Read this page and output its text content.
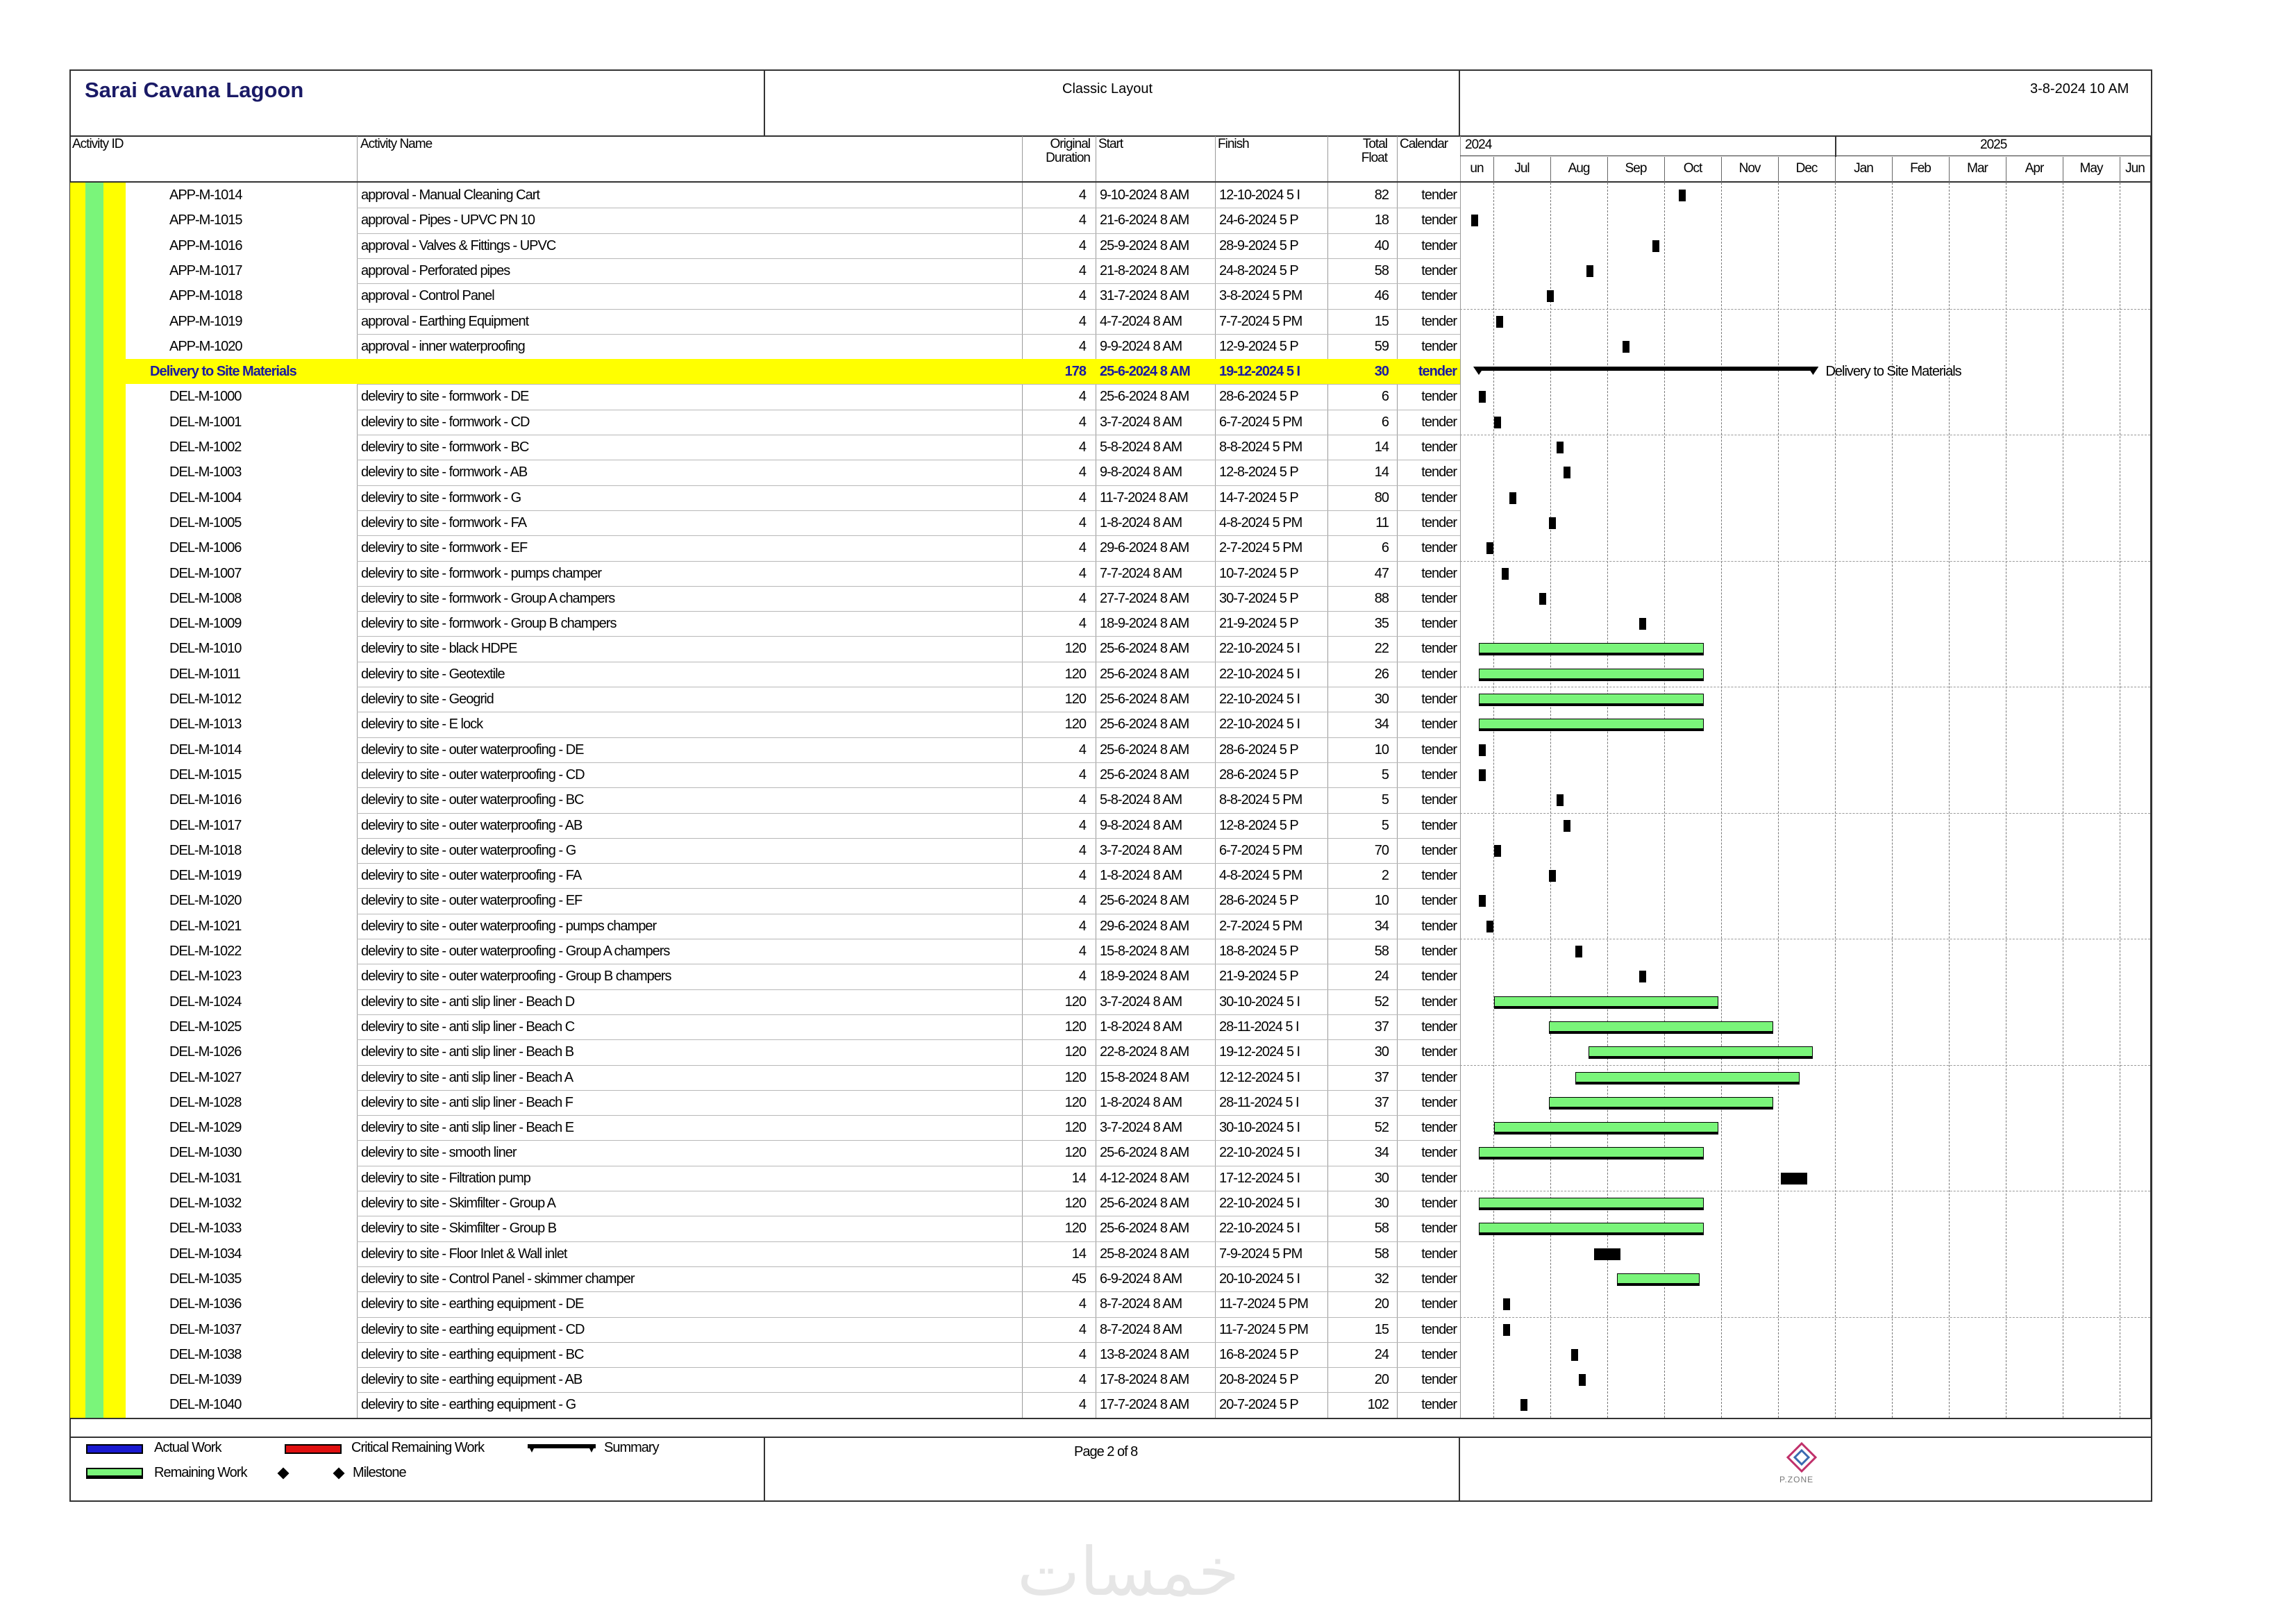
Sarai Cavana Lagoon	Classic Layout	3-8-2024 10 AM
Activity ID	Activity Name	Original
Duration
Start	Finish	Total
Float
Calendar 2024	2025
APP-M-1014	approval - Manual Cleaning Cart	4 9-10-2024 8 AM	12-10-2024 5 I	82	tender
APP-M-1015	approval - Pipes - UPVC PN 10	4 21-6-2024 8 AM	24-6-2024 5 P	18	tender
APP-M-1016	approval - Valves & Fittings - UPVC	4 25-9-2024 8 AM	28-9-2024 5 P	40	tender
APP-M-1017	approval - Perforated pipes	4 21-8-2024 8 AM	24-8-2024 5 P	58	tender
APP-M-1018	approval - Control Panel	4 31-7-2024 8 AM	3-8-2024 5 PM	46	tender
APP-M-1019	approval - Earthing Equipment	4 4-7-2024 8 AM	7-7-2024 5 PM	15	tender
APP-M-1020	approval - inner waterproofing	4 9-9-2024 8 AM	12-9-2024 5 P	59	tender
Delivery to Site Materials	178 25-6-2024 8 AM	19-12-2024 5 I	30	tender
DEL-M-1000	deleviry to site - formwork - DE	4 25-6-2024 8 AM	28-6-2024 5 P	6	tender
DEL-M-1001	deleviry to site - formwork - CD	4 3-7-2024 8 AM	6-7-2024 5 PM	6	tender
DEL-M-1002	deleviry to site - formwork - BC	4 5-8-2024 8 AM	8-8-2024 5 PM	14	tender
DEL-M-1003	deleviry to site - formwork - AB	4 9-8-2024 8 AM	12-8-2024 5 P	14	tender
DEL-M-1004	deleviry to site - formwork - G	4 11-7-2024 8 AM	14-7-2024 5 P	80	tender
DEL-M-1005	deleviry to site - formwork - FA	4 1-8-2024 8 AM	4-8-2024 5 PM	11	tender
DEL-M-1006	deleviry to site - formwork - EF	4 29-6-2024 8 AM	2-7-2024 5 PM	6	tender
DEL-M-1007	deleviry to site - formwork - pumps champer	4 7-7-2024 8 AM	10-7-2024 5 P	47	tender
DEL-M-1008	deleviry to site - formwork - Group A champers	4 27-7-2024 8 AM	30-7-2024 5 P	88	tender
DEL-M-1009	deleviry to site - formwork - Group B champers	4 18-9-2024 8 AM	21-9-2024 5 P	35	tender
DEL-M-1010	deleviry to site - black HDPE	120 25-6-2024 8 AM	22-10-2024 5 I	22	tender
DEL-M-1011	deleviry to site - Geotextile	120 25-6-2024 8 AM	22-10-2024 5 I	26	tender
DEL-M-1012	deleviry to site - Geogrid	120 25-6-2024 8 AM	22-10-2024 5 I	30	tender
DEL-M-1013	deleviry to site - E lock	120 25-6-2024 8 AM	22-10-2024 5 I	34	tender
DEL-M-1014	deleviry to site - outer waterproofing - DE	4 25-6-2024 8 AM	28-6-2024 5 P	10	tender
DEL-M-1015	deleviry to site - outer waterproofing - CD	4 25-6-2024 8 AM	28-6-2024 5 P	5	tender
DEL-M-1016	deleviry to site - outer waterproofing - BC	4 5-8-2024 8 AM	8-8-2024 5 PM	5	tender
DEL-M-1017	deleviry to site - outer waterproofing - AB	4 9-8-2024 8 AM	12-8-2024 5 P	5	tender
DEL-M-1018	deleviry to site - outer waterproofing - G	4 3-7-2024 8 AM	6-7-2024 5 PM	70	tender
DEL-M-1019	deleviry to site - outer waterproofing - FA	4 1-8-2024 8 AM	4-8-2024 5 PM	2	tender
DEL-M-1020	deleviry to site - outer waterproofing - EF	4 25-6-2024 8 AM	28-6-2024 5 P	10	tender
DEL-M-1021	deleviry to site - outer waterproofing - pumps champer	4 29-6-2024 8 AM	2-7-2024 5 PM	34	tender
DEL-M-1022	deleviry to site - outer waterproofing - Group A champers	4 15-8-2024 8 AM	18-8-2024 5 P	58	tender
DEL-M-1023	deleviry to site - outer waterproofing - Group B champers	4 18-9-2024 8 AM	21-9-2024 5 P	24	tender
DEL-M-1024	deleviry to site - anti slip liner - Beach D	120 3-7-2024 8 AM	30-10-2024 5 I	52	tender
DEL-M-1025	deleviry to site - anti slip liner - Beach C	120 1-8-2024 8 AM	28-11-2024 5 I	37	tender
DEL-M-1026	deleviry to site - anti slip liner - Beach B	120 22-8-2024 8 AM	19-12-2024 5 I	30	tender
DEL-M-1027	deleviry to site - anti slip liner - Beach A	120 15-8-2024 8 AM	12-12-2024 5 I	37	tender
DEL-M-1028	deleviry to site - anti slip liner - Beach F	120 1-8-2024 8 AM	28-11-2024 5 I	37	tender
DEL-M-1029	deleviry to site - anti slip liner - Beach E	120 3-7-2024 8 AM	30-10-2024 5 I	52	tender
DEL-M-1030	deleviry to site - smooth liner	120 25-6-2024 8 AM	22-10-2024 5 I	34	tender
DEL-M-1031	deleviry to site - Filtration pump	14 4-12-2024 8 AM	17-12-2024 5 I	30	tender
DEL-M-1032	deleviry to site - Skimfilter - Group A	120 25-6-2024 8 AM	22-10-2024 5 I	30	tender
DEL-M-1033	deleviry to site - Skimfilter - Group B	120 25-6-2024 8 AM	22-10-2024 5 I	58	tender
DEL-M-1034	deleviry to site - Floor Inlet & Wall inlet	14 25-8-2024 8 AM	7-9-2024 5 PM	58	tender
DEL-M-1035	deleviry to site - Control Panel - skimmer champer	45 6-9-2024 8 AM	20-10-2024 5 I	32	tender
DEL-M-1036	deleviry to site - earthing equipment - DE	4 8-7-2024 8 AM	11-7-2024 5 PM	20	tender
DEL-M-1037	deleviry to site - earthing equipment - CD	4 8-7-2024 8 AM	11-7-2024 5 PM	15	tender
DEL-M-1038	deleviry to site - earthing equipment - BC	4 13-8-2024 8 AM	16-8-2024 5 P	24	tender
DEL-M-1039	deleviry to site - earthing equipment - AB	4 17-8-2024 8 AM	20-8-2024 5 P	20	tender
DEL-M-1040	deleviry to site - earthing equipment - G	4 17-7-2024 8 AM	20-7-2024 5 P	102	tender
un	Jul	Aug	Sep	Oct	Nov	Dec	Jan	Feb	Mar	Apr	May	Jun
Delivery to Site Materials
Actual Work	Critical Remaining Work	Summary
Remaining Work	Milestone
Page 2 of 8
P.ZONE
خمسات
